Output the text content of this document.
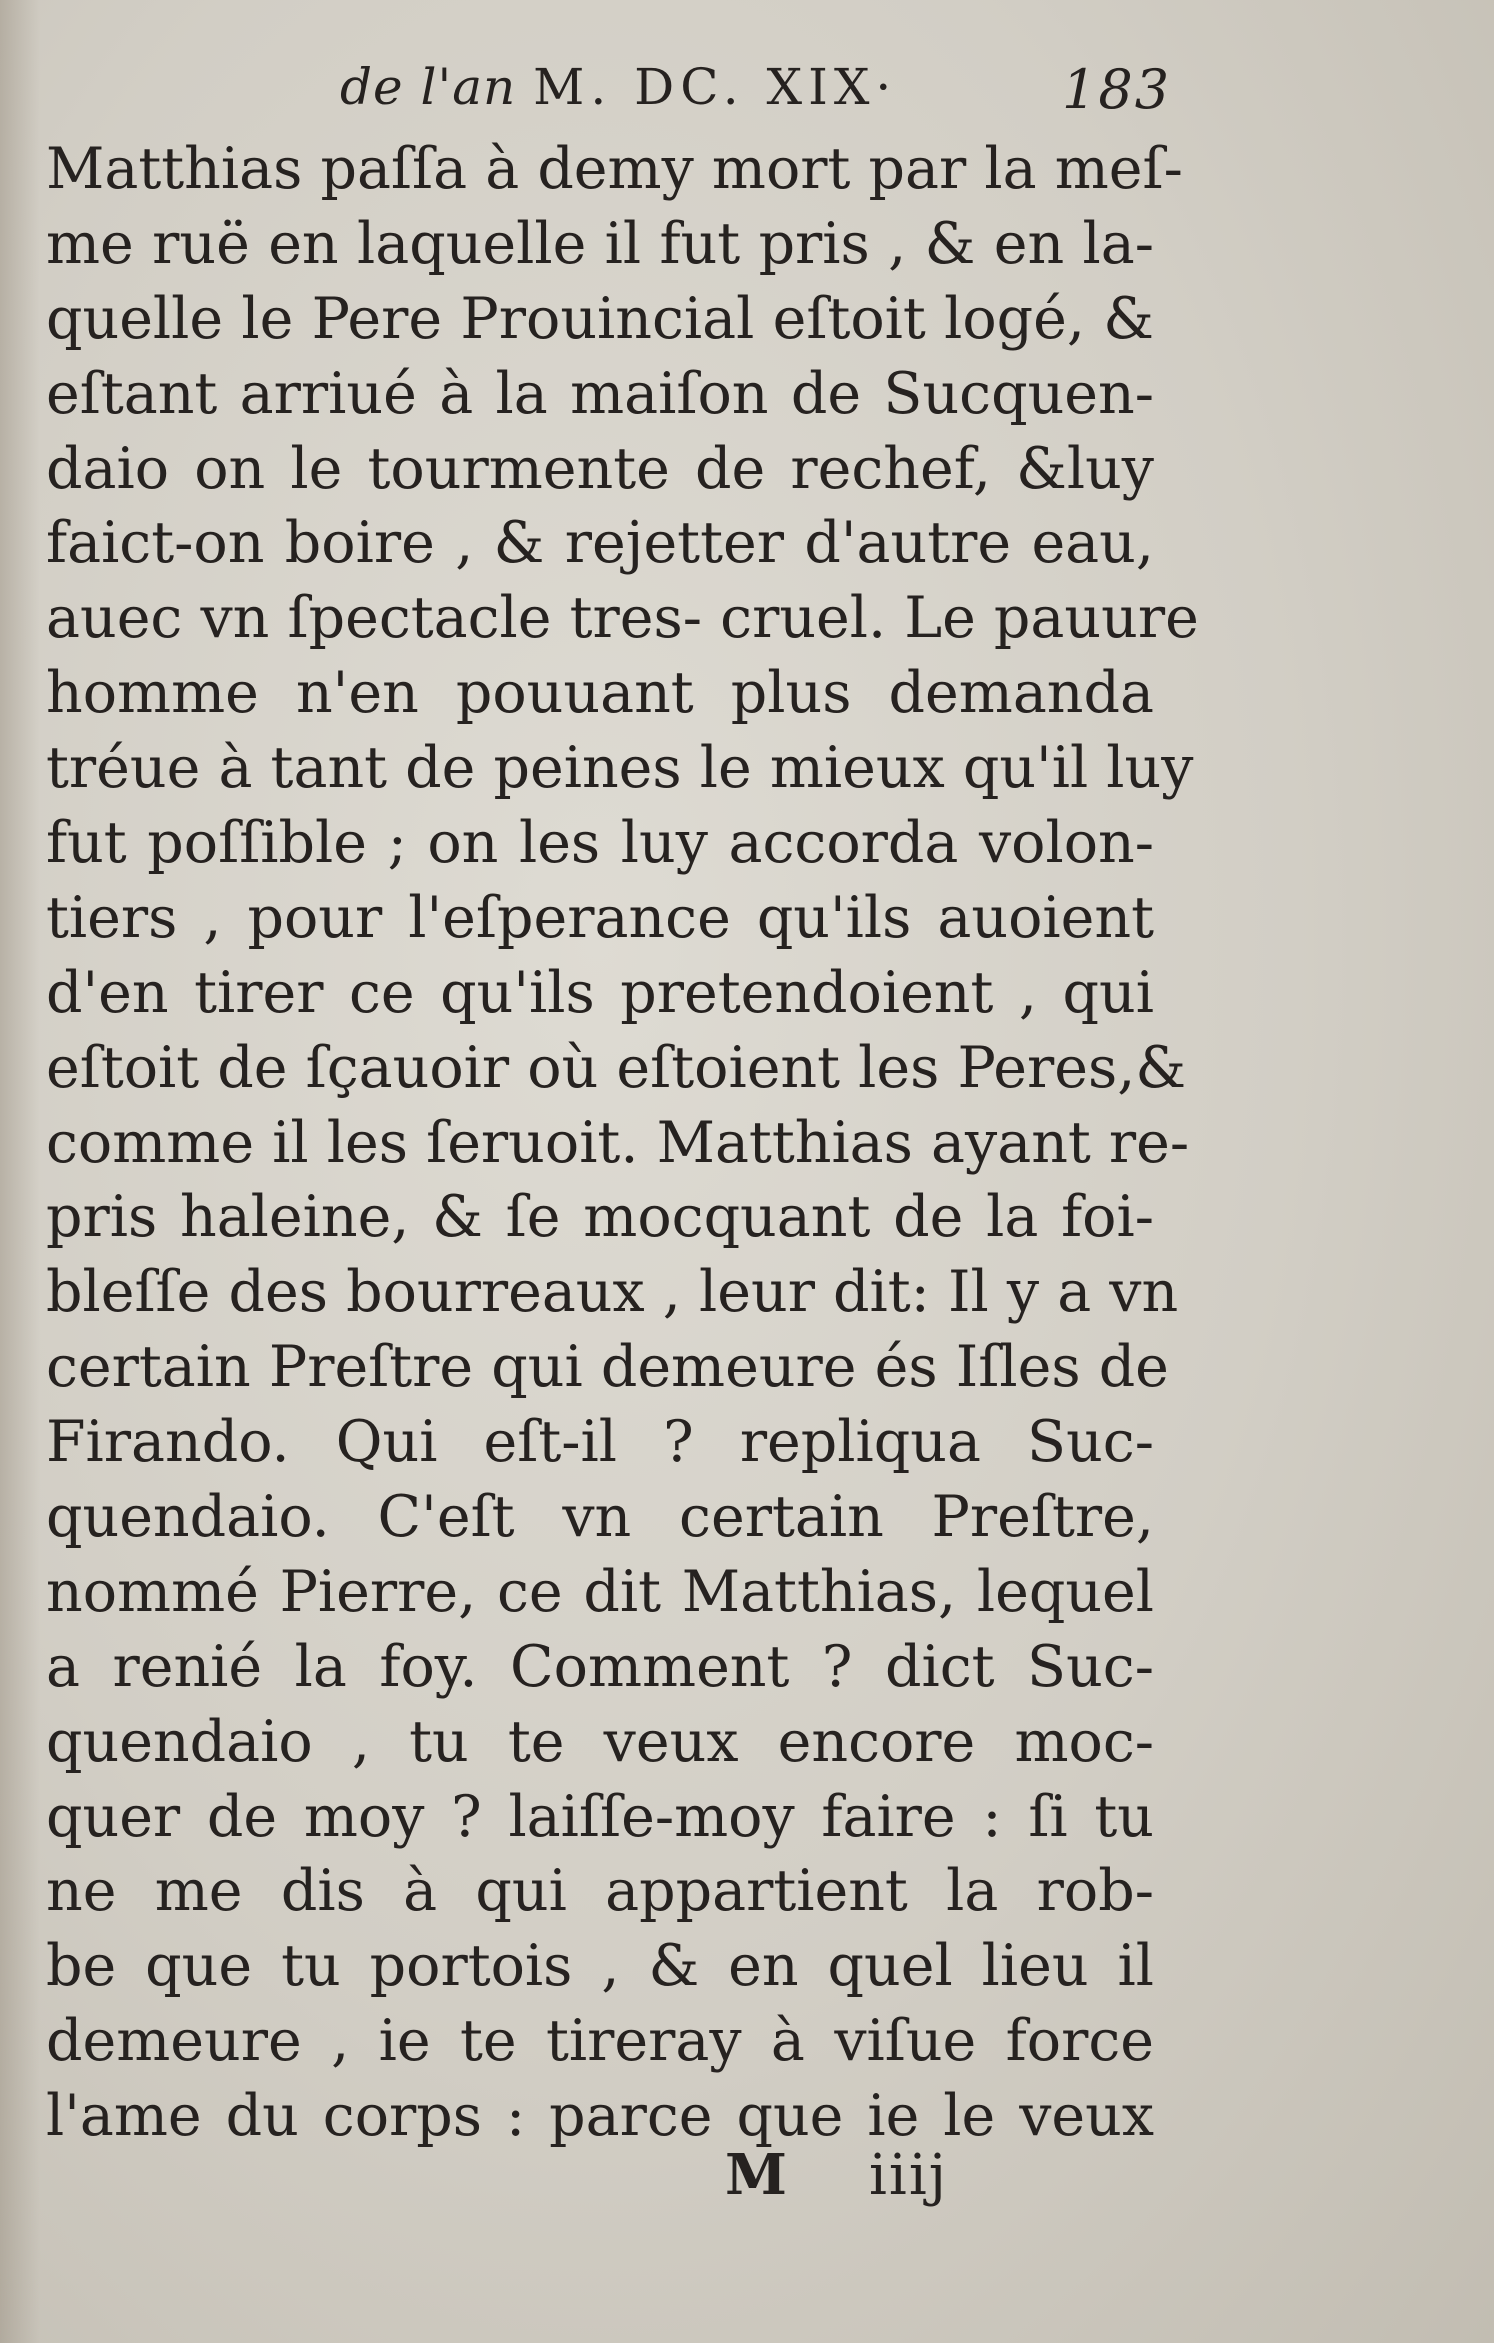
de l'an M. DC. XIX·	183
Matthias paſſa à demy mort par la meſ-
me ruë en laquelle il fut pris , & en la-
quelle le Pere Prouincial eſtoit logé, &
eſtant arriué à la maiſon de Sucquen-
daio on le tourmente de rechef, &luy
faict-on boire , & rejetter d'autre eau,
auec vn ſpectacle tres- cruel. Le pauure
homme n'en pouuant plus demanda
tréue à tant de peines le mieux qu'il luy
fut poſſible ; on les luy accorda volon-
tiers , pour l'eſperance qu'ils auoient
d'en tirer ce qu'ils pretendoient , qui
eſtoit de ſçauoir où eſtoient les Peres,&
comme il les ſeruoit. Matthias ayant re-
pris haleine, & ſe mocquant de la foi-
bleſſe des bourreaux , leur dit: Il y a vn
certain Preſtre qui demeure és Iſles de
Firando. Qui eſt-il ? repliqua Suc-
quendaio. C'eſt vn certain Preſtre,
nommé Pierre, ce dit Matthias, lequel
a renié la foy. Comment ? dict Suc-
quendaio , tu te veux encore moc-
quer de moy ? laiſſe-moy faire : ſi tu
ne me dis à qui appartient la rob-
be que tu portois , & en quel lieu il
demeure , ie te tireray à viſue force
l'ame du corps : parce que ie le veux
M iiij
